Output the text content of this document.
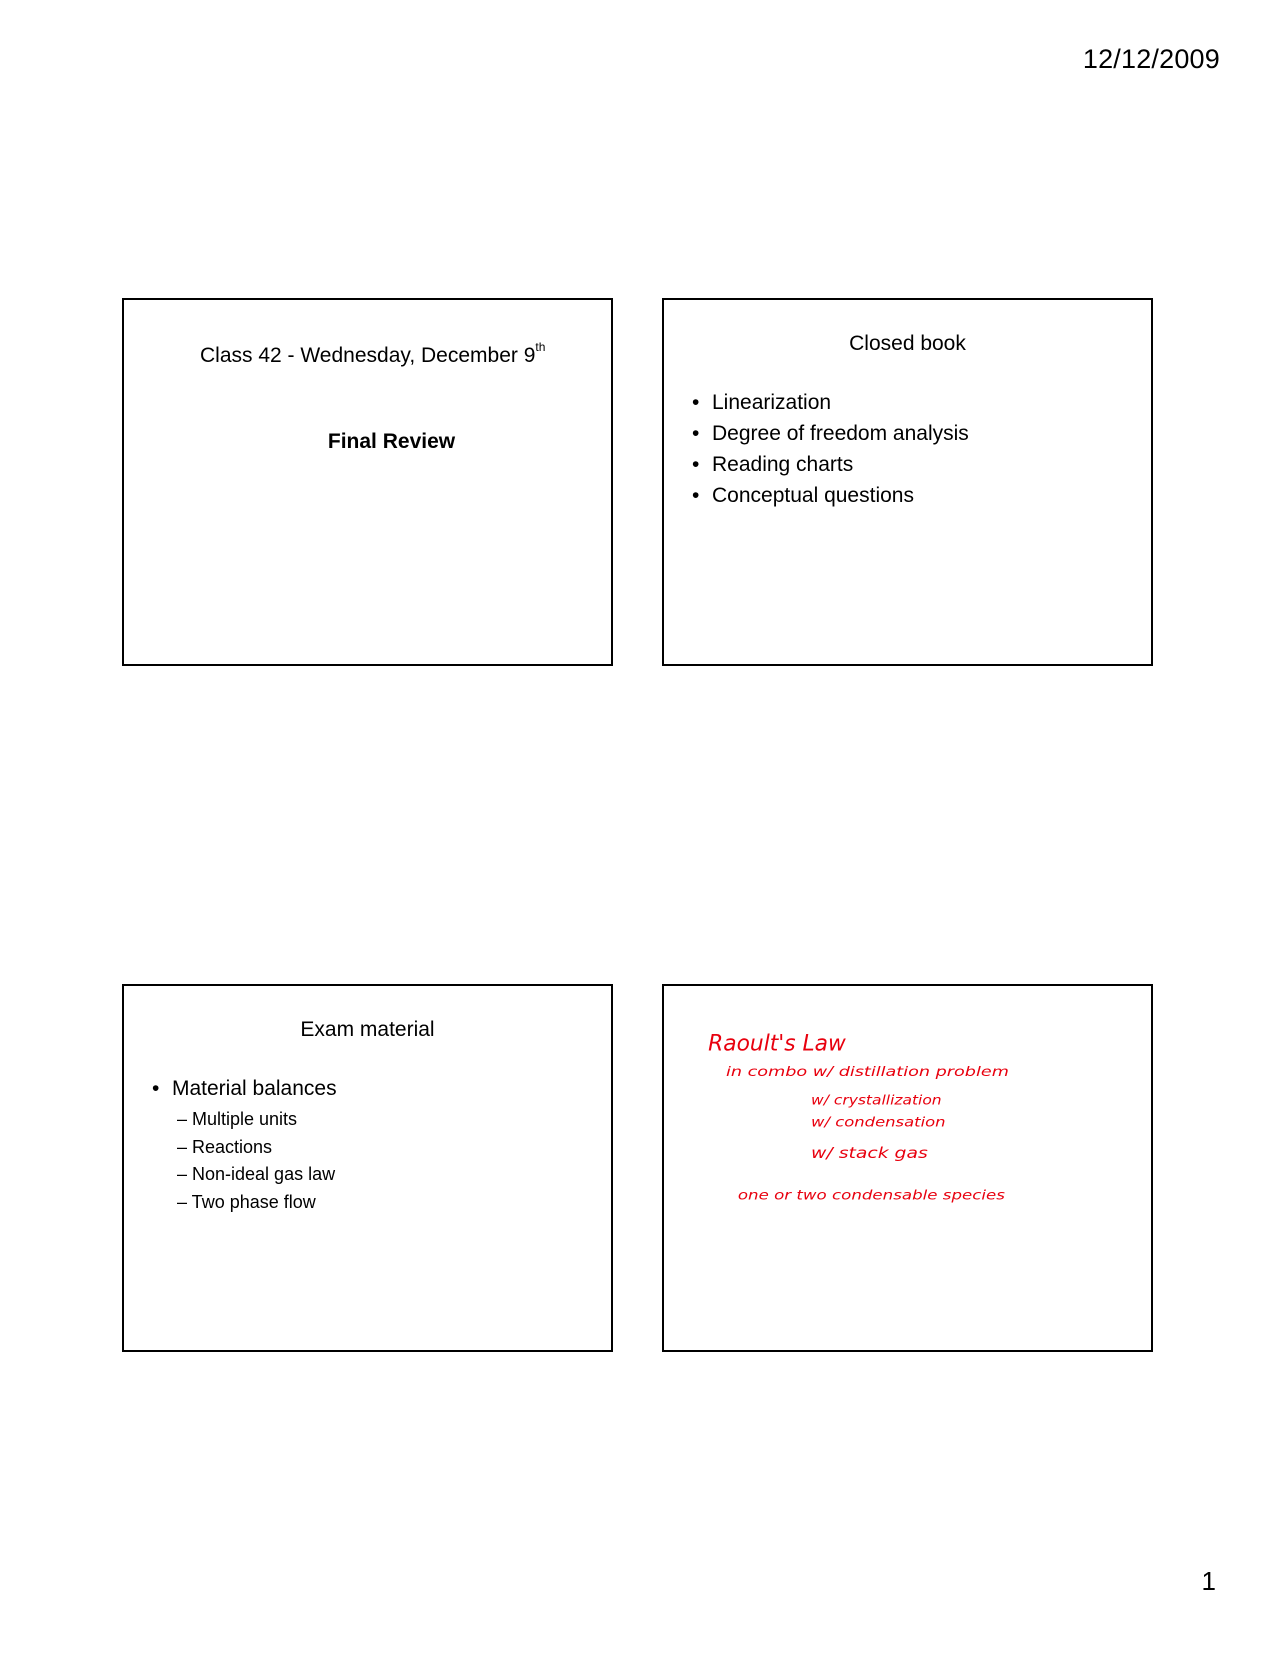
12/12/2009
Class 42 - Wednesday, December 9th
Final Review
Closed book
• Linearization
• Degree of freedom analysis
• Reading charts
• Conceptual questions
Exam material
• Material balances
– Multiple units
– Reactions
– Non-ideal gas law
– Two phase flow
Raoult's Law
in combo w/ distillation problem
w/ crystallization
w/ condensation
w/ stack gas
one or two condensable species
1
